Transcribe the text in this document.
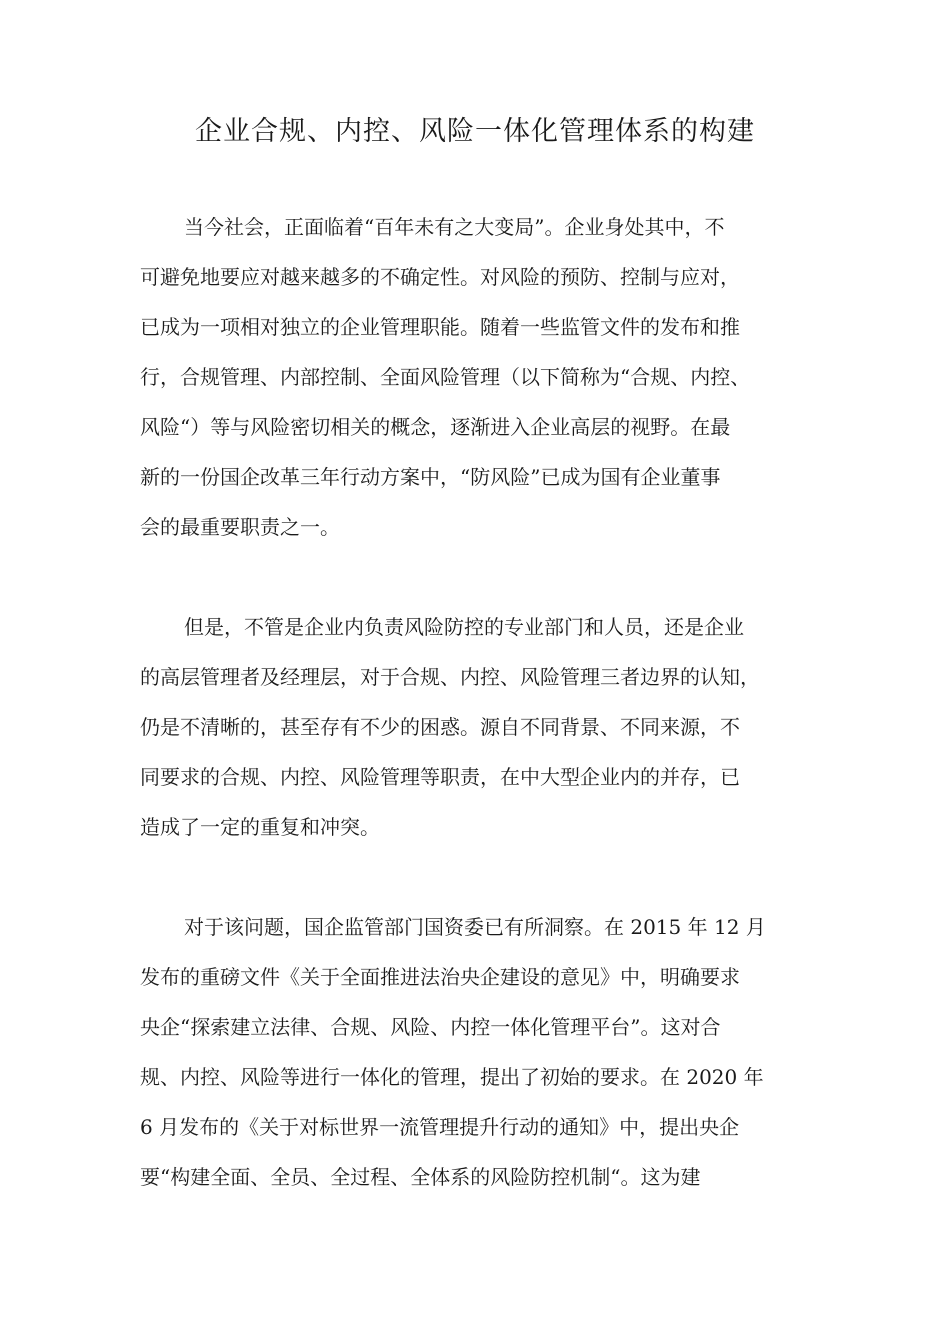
企业合规、内控、风险一体化管理体系的构建
当今社会，正面临着“百年未有之大变局”。企业身处其中，不
可避免地要应对越来越多的不确定性。对风险的预防、控制与应对，
已成为一项相对独立的企业管理职能。随着一些监管文件的发布和推
行，合规管理、内部控制、全面风险管理（以下简称为“合规、内控、
风险“）等与风险密切相关的概念，逐渐进入企业高层的视野。在最
新的一份国企改革三年行动方案中，“防风险”已成为国有企业董事
会的最重要职责之一。
但是，不管是企业内负责风险防控的专业部门和人员，还是企业
的高层管理者及经理层，对于合规、内控、风险管理三者边界的认知，
仍是不清晰的，甚至存有不少的困惑。源自不同背景、不同来源，不
同要求的合规、内控、风险管理等职责，在中大型企业内的并存，已
造成了一定的重复和冲突。
对于该问题，国企监管部门国资委已有所洞察。在 2015 年 12 月
发布的重磅文件《关于全面推进法治央企建设的意见》中，明确要求
央企“探索建立法律、合规、风险、内控一体化管理平台”。这对合
规、内控、风险等进行一体化的管理，提出了初始的要求。在 2020 年
6 月发布的《关于对标世界一流管理提升行动的通知》中，提出央企
要“构建全面、全员、全过程、全体系的风险防控机制“。这为建
